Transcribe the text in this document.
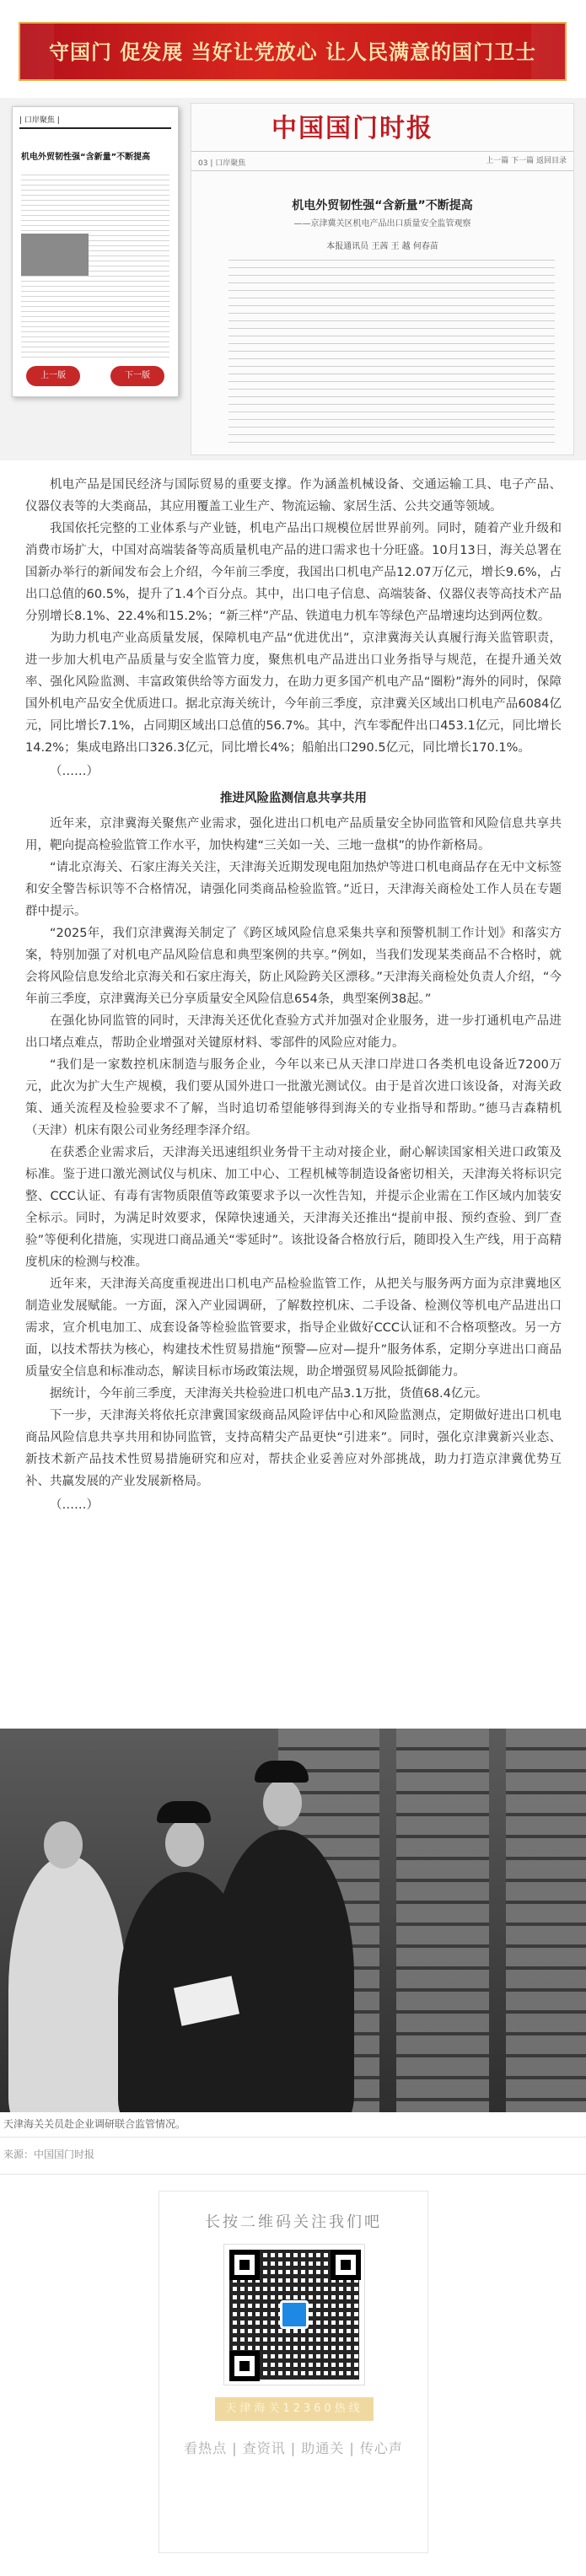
守国门 促发展 当好让党放心 让人民满意的国门卫士
| 口岸聚焦 |
机电外贸韧性强“含新量”不断提高
上一版	下一版
中国国门时报
03 | 口岸聚焦	上一篇 下一篇 返回目录
机电外贸韧性强“含新量”不断提高
——京津冀关区机电产品出口质量安全监管观察
本报通讯员 王茜 王 越 何春苗

机电产品是国民经济与国际贸易的重要支撑。作为涵盖机械设备、交通运输工具、电子产品、仪器仪表等的大类商品，其应用覆盖工业生产、物流运输、家居生活、公共交通等领域。

我国依托完整的工业体系与产业链，机电产品出口规模位居世界前列。同时，随着产业升级和消费市场扩大，中国对高端装备等高质量机电产品的进口需求也十分旺盛。10月13日，海关总署在国新办举行的新闻发布会上介绍，今年前三季度，我国出口机电产品12.07万亿元，增长9.6%，占出口总值的60.5%，提升了1.4个百分点。其中，出口电子信息、高端装备、仪器仪表等高技术产品分别增长8.1%、22.4%和15.2%；“新三样”产品、铁道电力机车等绿色产品增速均达到两位数。

为助力机电产业高质量发展，保障机电产品“优进优出”，京津冀海关认真履行海关监管职责，进一步加大机电产品质量与安全监管力度，聚焦机电产品进出口业务指导与规范，在提升通关效率、强化风险监测、丰富政策供给等方面发力，在助力更多国产机电产品“圈粉”海外的同时，保障国外机电产品安全优质进口。据北京海关统计，今年前三季度，京津冀关区域出口机电产品6084亿元，同比增长7.1%，占同期区域出口总值的56.7%。其中，汽车零配件出口453.1亿元，同比增长14.2%；集成电路出口326.3亿元，同比增长4%；船舶出口290.5亿元，同比增长170.1%。

（……）

推进风险监测信息共享共用

近年来，京津冀海关聚焦产业需求，强化进出口机电产品质量安全协同监管和风险信息共享共用，靶向提高检验监管工作水平，加快构建“三关如一关、三地一盘棋”的协作新格局。

“请北京海关、石家庄海关关注，天津海关近期发现电阻加热炉等进口机电商品存在无中文标签和安全警告标识等不合格情况，请强化同类商品检验监管。”近日，天津海关商检处工作人员在专题群中提示。

“2025年，我们京津冀海关制定了《跨区域风险信息采集共享和预警机制工作计划》和落实方案，特别加强了对机电产品风险信息和典型案例的共享。”例如，当我们发现某类商品不合格时，就会将风险信息发给北京海关和石家庄海关，防止风险跨关区漂移。”天津海关商检处负责人介绍，“今年前三季度，京津冀海关已分享质量安全风险信息654条，典型案例38起。”

在强化协同监管的同时，天津海关还优化查验方式并加强对企业服务，进一步打通机电产品进出口堵点难点，帮助企业增强对关键原材料、零部件的风险应对能力。

“我们是一家数控机床制造与服务企业，今年以来已从天津口岸进口各类机电设备近7200万元，此次为扩大生产规模，我们要从国外进口一批激光测试仪。由于是首次进口该设备，对海关政策、通关流程及检验要求不了解，当时追切希望能够得到海关的专业指导和帮助。”德马吉森精机（天津）机床有限公司业务经理李泽介绍。

在获悉企业需求后，天津海关迅速组织业务骨干主动对接企业，耐心解读国家相关进口政策及标准。鉴于进口激光测试仪与机床、加工中心、工程机械等制造设备密切相关，天津海关将标识完整、CCC认证、有毒有害物质限值等政策要求予以一次性告知，并提示企业需在工作区域内加装安全标示。同时，为满足时效要求，保障快速通关，天津海关还推出“提前申报、预约查验、到厂查验”等便利化措施，实现进口商品通关“零延时”。该批设备合格放行后，随即投入生产线，用于高精度机床的检测与校准。

近年来，天津海关高度重视进出口机电产品检验监管工作，从把关与服务两方面为京津冀地区制造业发展赋能。一方面，深入产业园调研，了解数控机床、二手设备、检测仪等机电产品进出口需求，宣介机电加工、成套设备等检验监管要求，指导企业做好CCC认证和不合格项整改。另一方面，以技术帮扶为核心，构建技术性贸易措施“预警—应对—提升”服务体系，定期分享进出口商品质量安全信息和标准动态，解读目标市场政策法规，助企增强贸易风险抵御能力。

据统计，今年前三季度，天津海关共检验进口机电产品3.1万批，货值68.4亿元。

下一步，天津海关将依托京津冀国家级商品风险评估中心和风险监测点，定期做好进出口机电商品风险信息共享共用和协同监管，支持高精尖产品更快“引进来”。同时，强化京津冀新兴业态、新技术新产品技术性贸易措施研究和应对，帮扶企业妥善应对外部挑战，助力打造京津冀优势互补、共赢发展的产业发展新格局。

（……）

天津海关关员赴企业调研联合监管情况。
来源：中国国门时报
长按二维码关注我们吧
天津海关12360热线
看热点 | 查资讯 | 助通关 | 传心声
